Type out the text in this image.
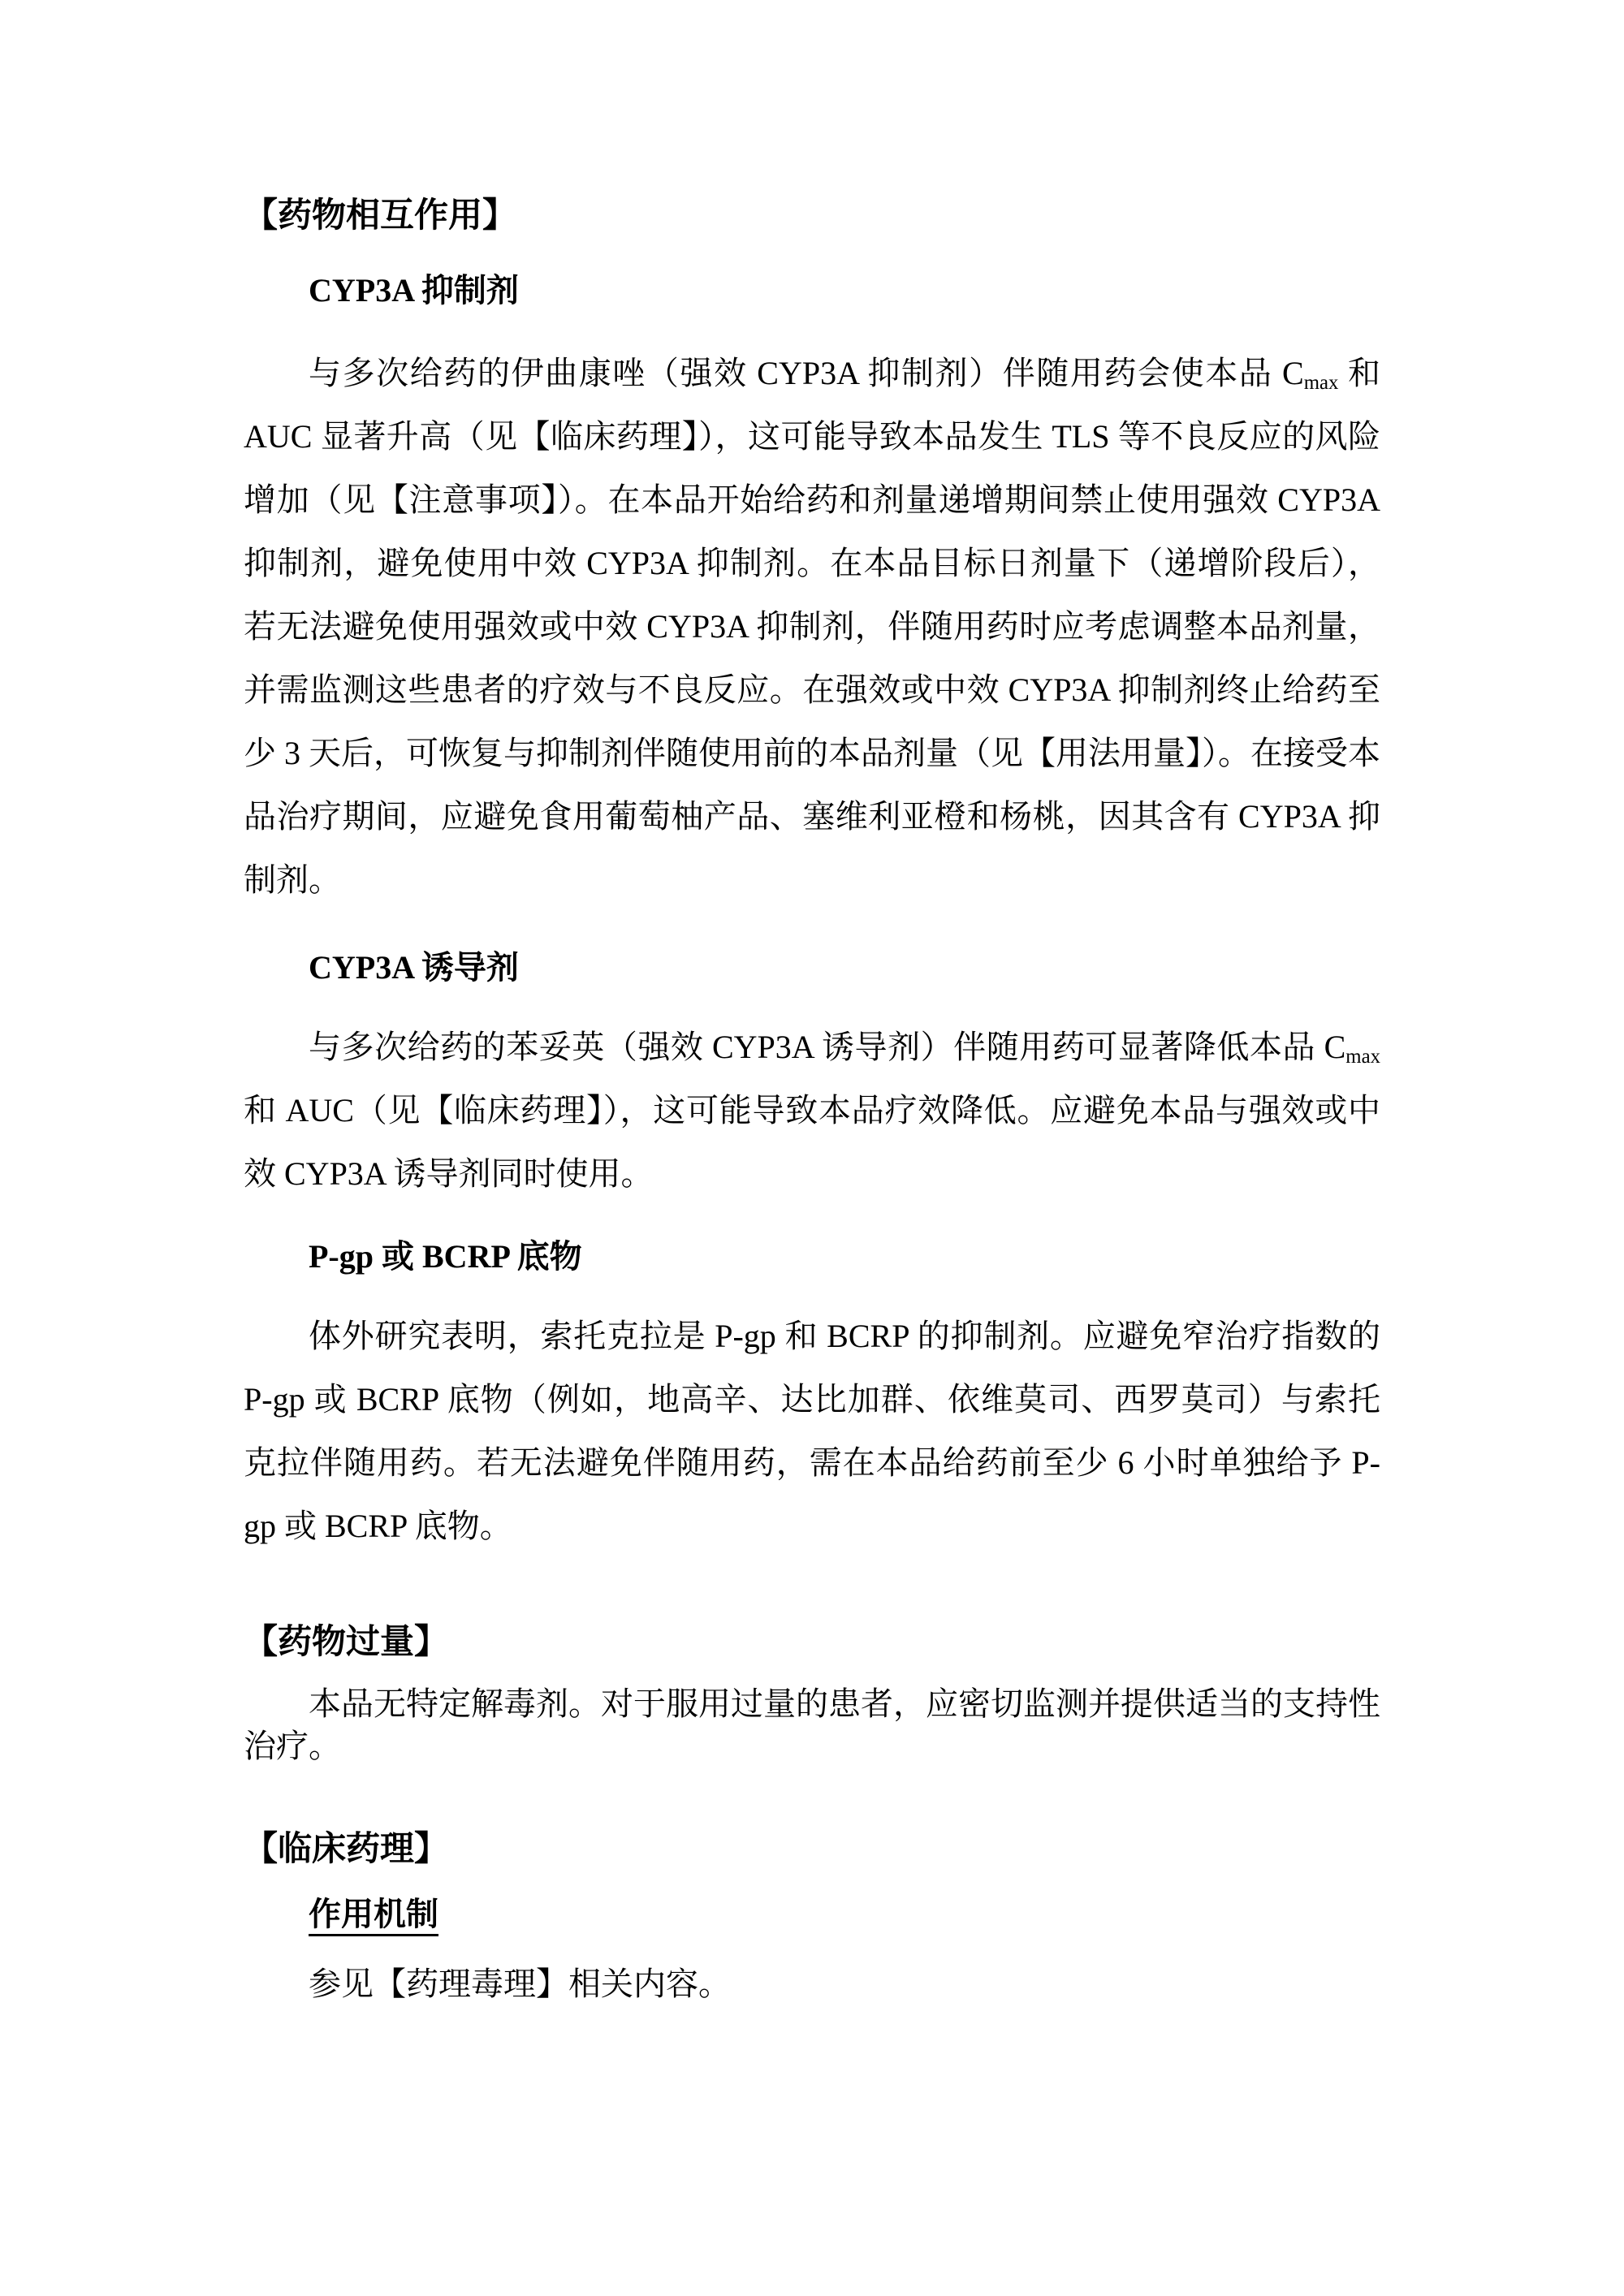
【药物相互作用】
CYP3A 抑制剂

与多次给药的伊曲康唑（强效 CYP3A 抑制剂）伴随用药会使本品 $C_{max}$ 和 AUC 显著升高（见【临床药理】），这可能导致本品发生 TLS 等不良反应的风险增加（见【注意事项】）。在本品开始给药和剂量递增期间禁止使用强效 CYP3A 抑制剂，避免使用中效 CYP3A 抑制剂。在本品目标日剂量下（递增阶段后），若无法避免使用强效或中效 CYP3A 抑制剂，伴随用药时应考虑调整本品剂量，并需监测这些患者的疗效与不良反应。在强效或中效 CYP3A 抑制剂终止给药至少 3 天后，可恢复与抑制剂伴随使用前的本品剂量（见【用法用量】）。在接受本品治疗期间，应避免食用葡萄柚产品、塞维利亚橙和杨桃，因其含有 CYP3A 抑制剂。

CYP3A 诱导剂

与多次给药的苯妥英（强效 CYP3A 诱导剂）伴随用药可显著降低本品 $C_{max}$ 和 AUC（见【临床药理】），这可能导致本品疗效降低。应避免本品与强效或中效 CYP3A 诱导剂同时使用。

P-gp 或 BCRP 底物

体外研究表明，索托克拉是 P-gp 和 BCRP 的抑制剂。应避免窄治疗指数的 P-gp 或 BCRP 底物（例如，地高辛、达比加群、依维莫司、西罗莫司）与索托克拉伴随用药。若无法避免伴随用药，需在本品给药前至少 6 小时单独给予 P-gp 或 BCRP 底物。

【药物过量】

本品无特定解毒剂。对于服用过量的患者，应密切监测并提供适当的支持性治疗。

【临床药理】
作用机制

参见【药理毒理】相关内容。
